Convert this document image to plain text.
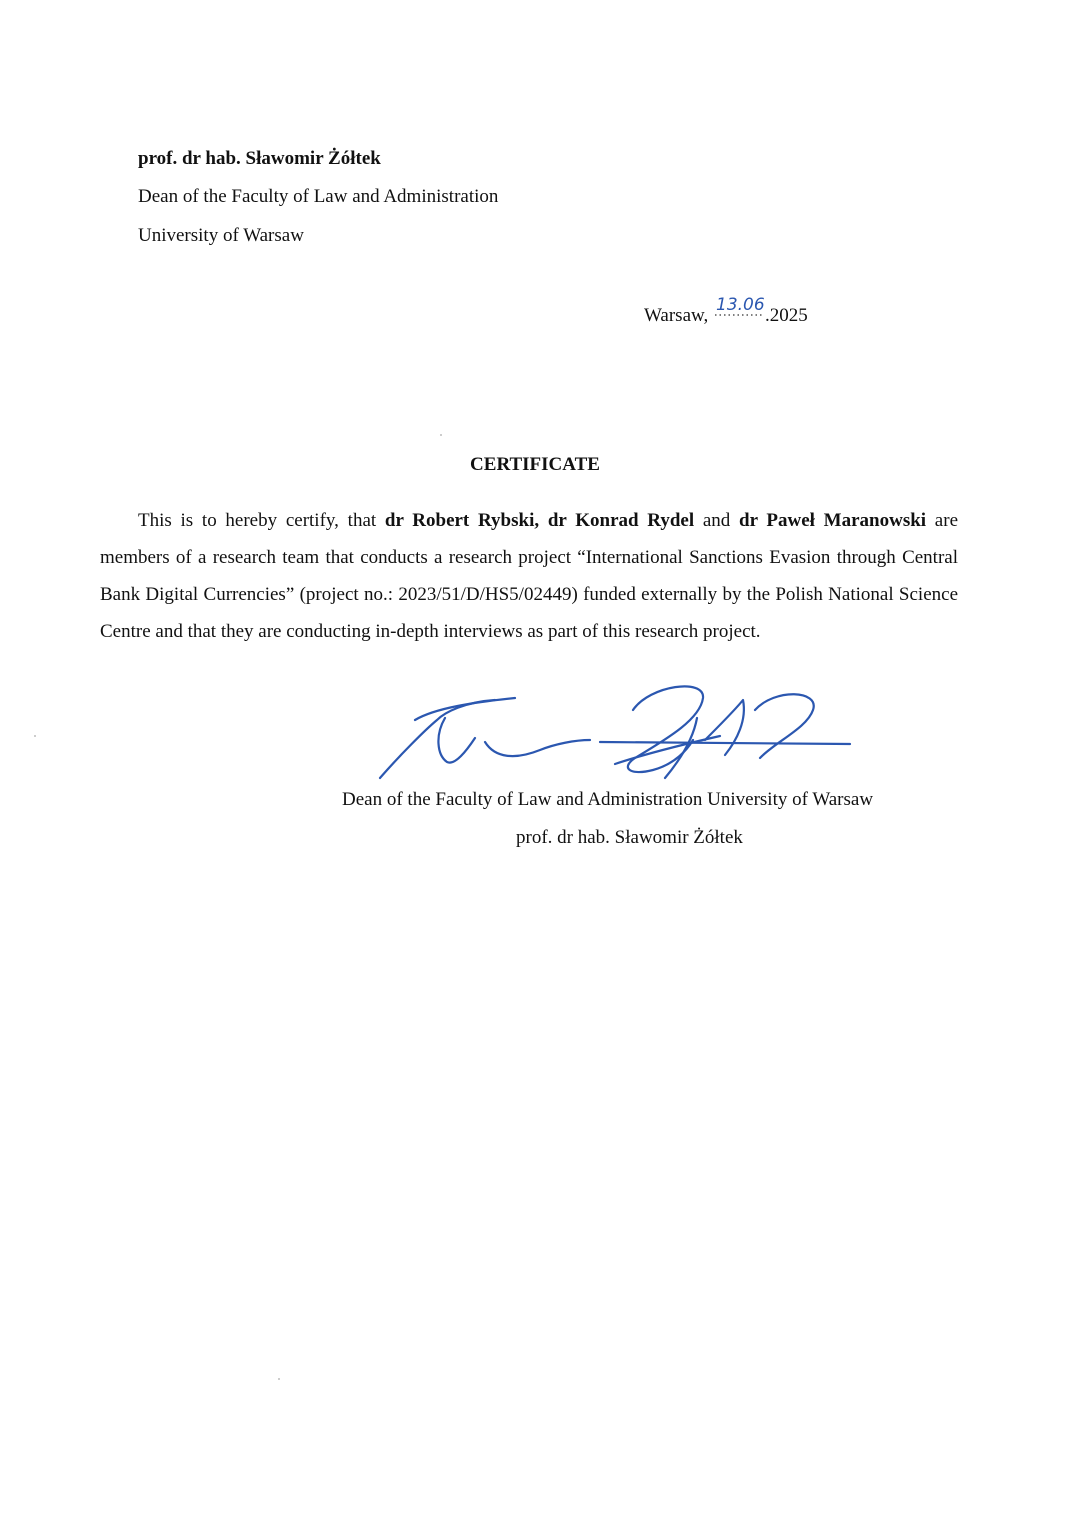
prof. dr hab. Sławomir Żółtek
Dean of the Faculty of Law and Administration
University of Warsaw
Warsaw, 13.06 .2025
CERTIFICATE
This is to hereby certify, that dr Robert Rybski, dr Konrad Rydel and dr Paweł Maranowski are members of a research team that conducts a research project “International Sanctions Evasion through Central Bank Digital Currencies” (project no.: 2023/51/D/HS5/02449) funded externally by the Polish National Science Centre and that they are conducting in-depth interviews as part of this research project.
Dean of the Faculty of Law and Administration University of Warsaw
prof. dr hab. Sławomir Żółtek
